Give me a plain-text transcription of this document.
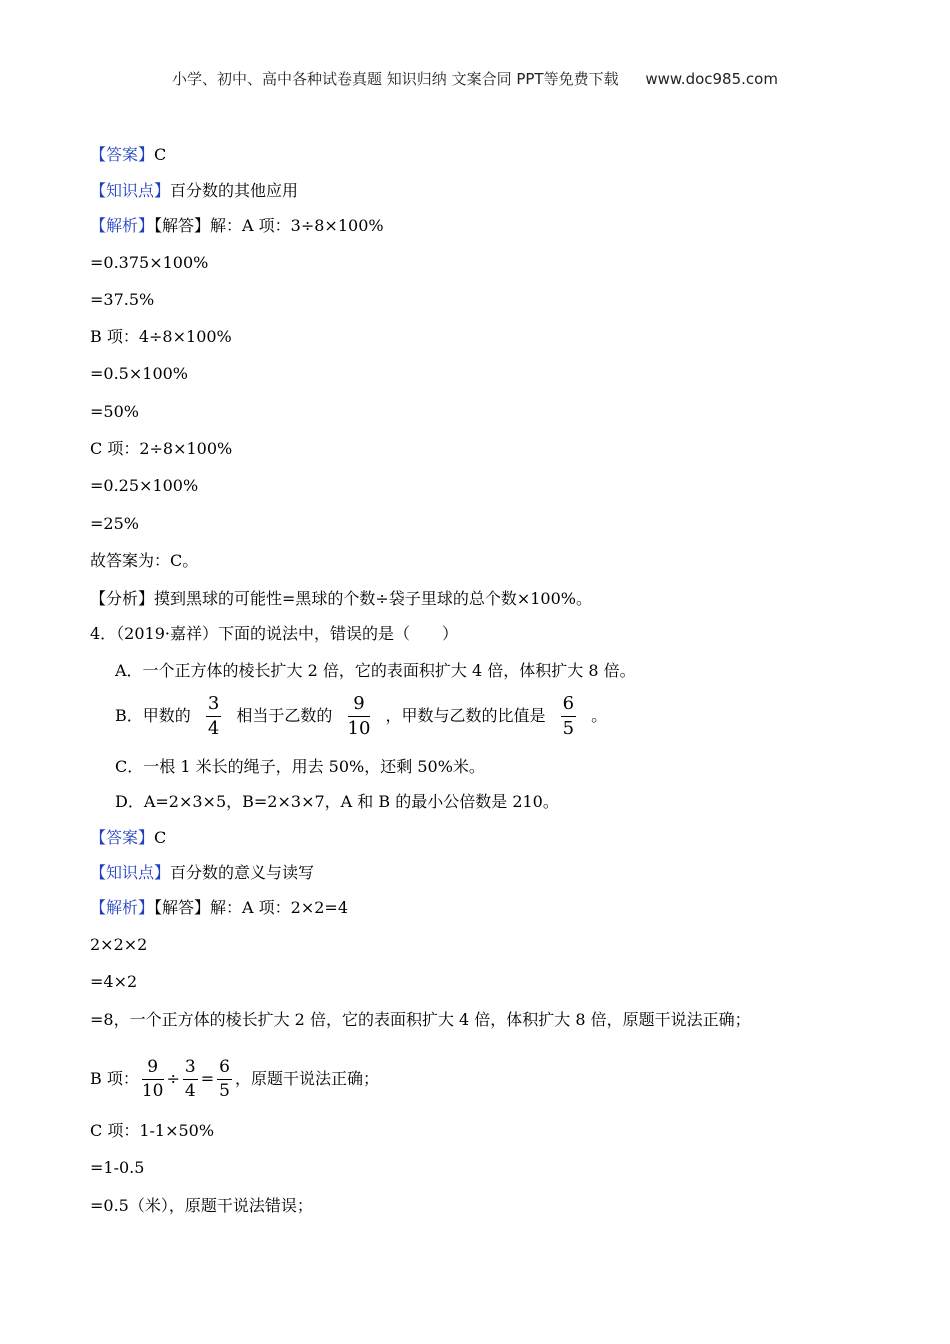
小学、初中、高中各种试卷真题 知识归纳 文案合同 PPT等免费下载 www.doc985.com
【答案】C
【知识点】百分数的其他应用
【解析】【解答】解：A 项：3÷8×100%
=0.375×100%
=37.5%
B 项：4÷8×100%
=0.5×100%
=50%
C 项：2÷8×100%
=0.25×100%
=25%
故答案为：C。
【分析】摸到黑球的可能性=黑球的个数÷袋子里球的总个数×100%。
4．（2019·嘉祥）下面的说法中，错误的是（　　）
A．一个正方体的棱长扩大 2 倍，它的表面积扩大 4 倍，体积扩大 8 倍。
B．甲数的 $\frac{3}{4}$ 相当于乙数的 $\frac{9}{10}$ ，甲数与乙数的比值是 $\frac{6}{5}$ 。
C．一根 1 米长的绳子，用去 50%，还剩 50%米。
D．A=2×3×5，B=2×3×7，A 和 B 的最小公倍数是 210。
【答案】C
【知识点】百分数的意义与读写
【解析】【解答】解：A 项：2×2=4
2×2×2
=4×2
=8，一个正方体的棱长扩大 2 倍，它的表面积扩大 4 倍，体积扩大 8 倍，原题干说法正确；
B 项： $\frac{9}{10} \div \frac{3}{4} = \frac{6}{5}$ ，原题干说法正确；
C 项：1-1×50%
=1-0.5
=0.5（米），原题干说法错误；
